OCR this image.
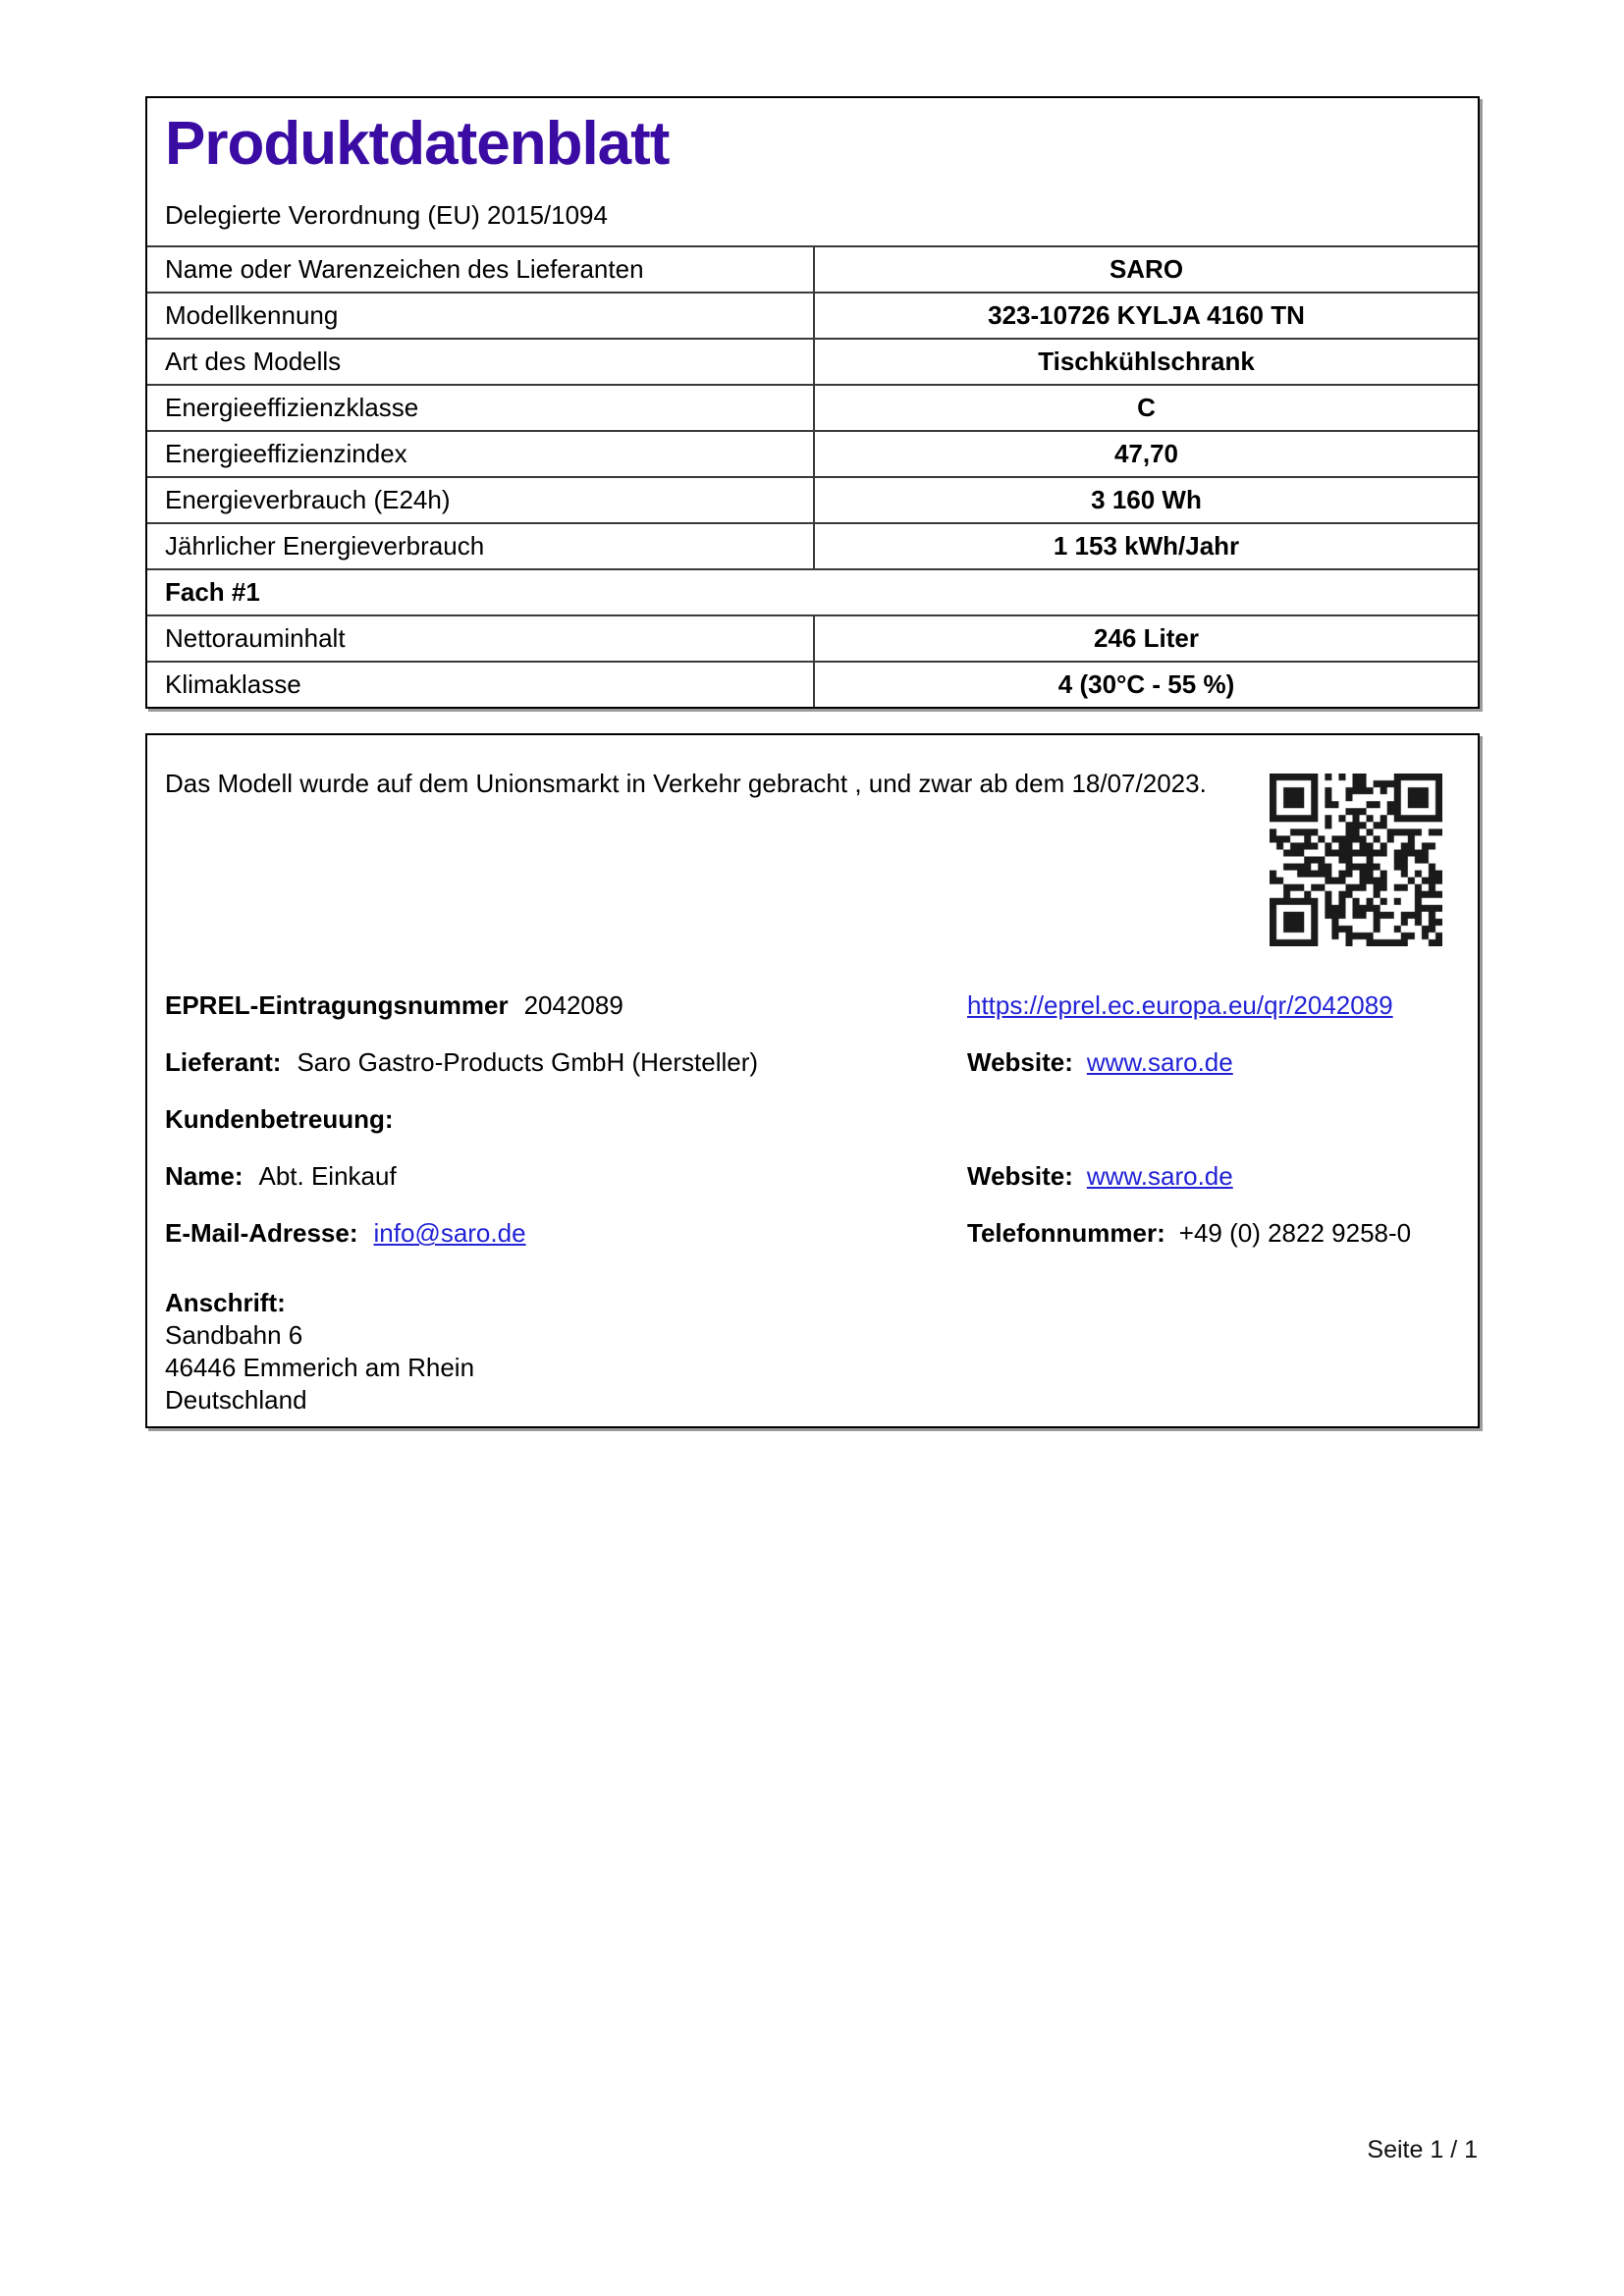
Produktdatenblatt
Delegierte Verordnung (EU) 2015/1094
Name oder Warenzeichen des Lieferanten	SARO
Modellkennung	323-10726 KYLJA 4160 TN
Art des Modells	Tischkühlschrank
Energieeffizienzklasse	C
Energieeffizienzindex	47,70
Energieverbrauch (E24h)	3 160 Wh
Jährlicher Energieverbrauch	1 153 kWh/Jahr
Fach #1
Nettorauminhalt	246 Liter
Klimaklasse	4 (30°C - 55 %)
Das Modell wurde auf dem Unionsmarkt in Verkehr gebracht , und zwar ab dem 18/07/2023.
EPREL-Eintragungsnummer 2042089	https://eprel.ec.europa.eu/qr/2042089
Lieferant: Saro Gastro-Products GmbH (Hersteller)	Website: www.saro.de
Kundenbetreuung:
Name: Abt. Einkauf	Website: www.saro.de
E-Mail-Adresse: info@saro.de	Telefonnummer: +49 (0) 2822 9258-0
Anschrift:
Sandbahn 6
46446 Emmerich am Rhein
Deutschland
Seite 1 / 1
